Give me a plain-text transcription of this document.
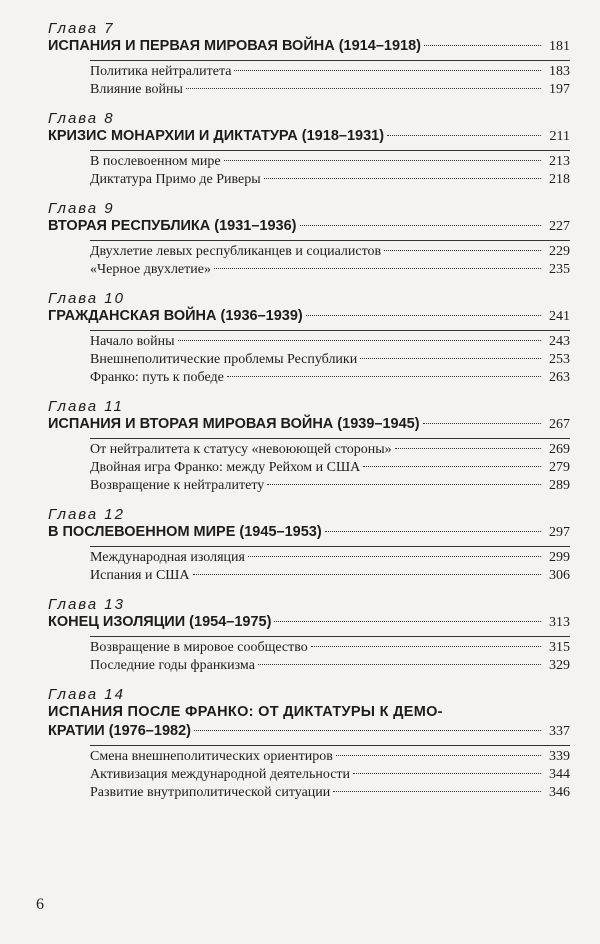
Глава 7
ИСПАНИЯ И ПЕРВАЯ МИРОВАЯ ВОЙНА (1914–1918)	181
Политика нейтралитета	183
Влияние войны	197
Глава 8
КРИЗИС МОНАРХИИ И ДИКТАТУРА (1918–1931)	211
В послевоенном мире	213
Диктатура Примо де Риверы	218
Глава 9
ВТОРАЯ РЕСПУБЛИКА (1931–1936)	227
Двухлетие левых республиканцев и социалистов	229
«Черное двухлетие»	235
Глава 10
ГРАЖДАНСКАЯ ВОЙНА (1936–1939)	241
Начало войны	243
Внешнеполитические проблемы Республики	253
Франко: путь к победе	263
Глава 11
ИСПАНИЯ И ВТОРАЯ МИРОВАЯ ВОЙНА (1939–1945)	267
От нейтралитета к статусу «невоюющей стороны»	269
Двойная игра Франко: между Рейхом и США	279
Возвращение к нейтралитету	289
Глава 12
В ПОСЛЕВОЕННОМ МИРЕ (1945–1953)	297
Международная изоляция	299
Испания и США	306
Глава 13
КОНЕЦ ИЗОЛЯЦИИ (1954–1975)	313
Возвращение в мировое сообщество	315
Последние годы франкизма	329
Глава 14
ИСПАНИЯ ПОСЛЕ ФРАНКО: ОТ ДИКТАТУРЫ К ДЕМО-
КРАТИИ (1976–1982)	337
Смена внешнеполитических ориентиров	339
Активизация международной деятельности	344
Развитие внутриполитической ситуации	346
6
